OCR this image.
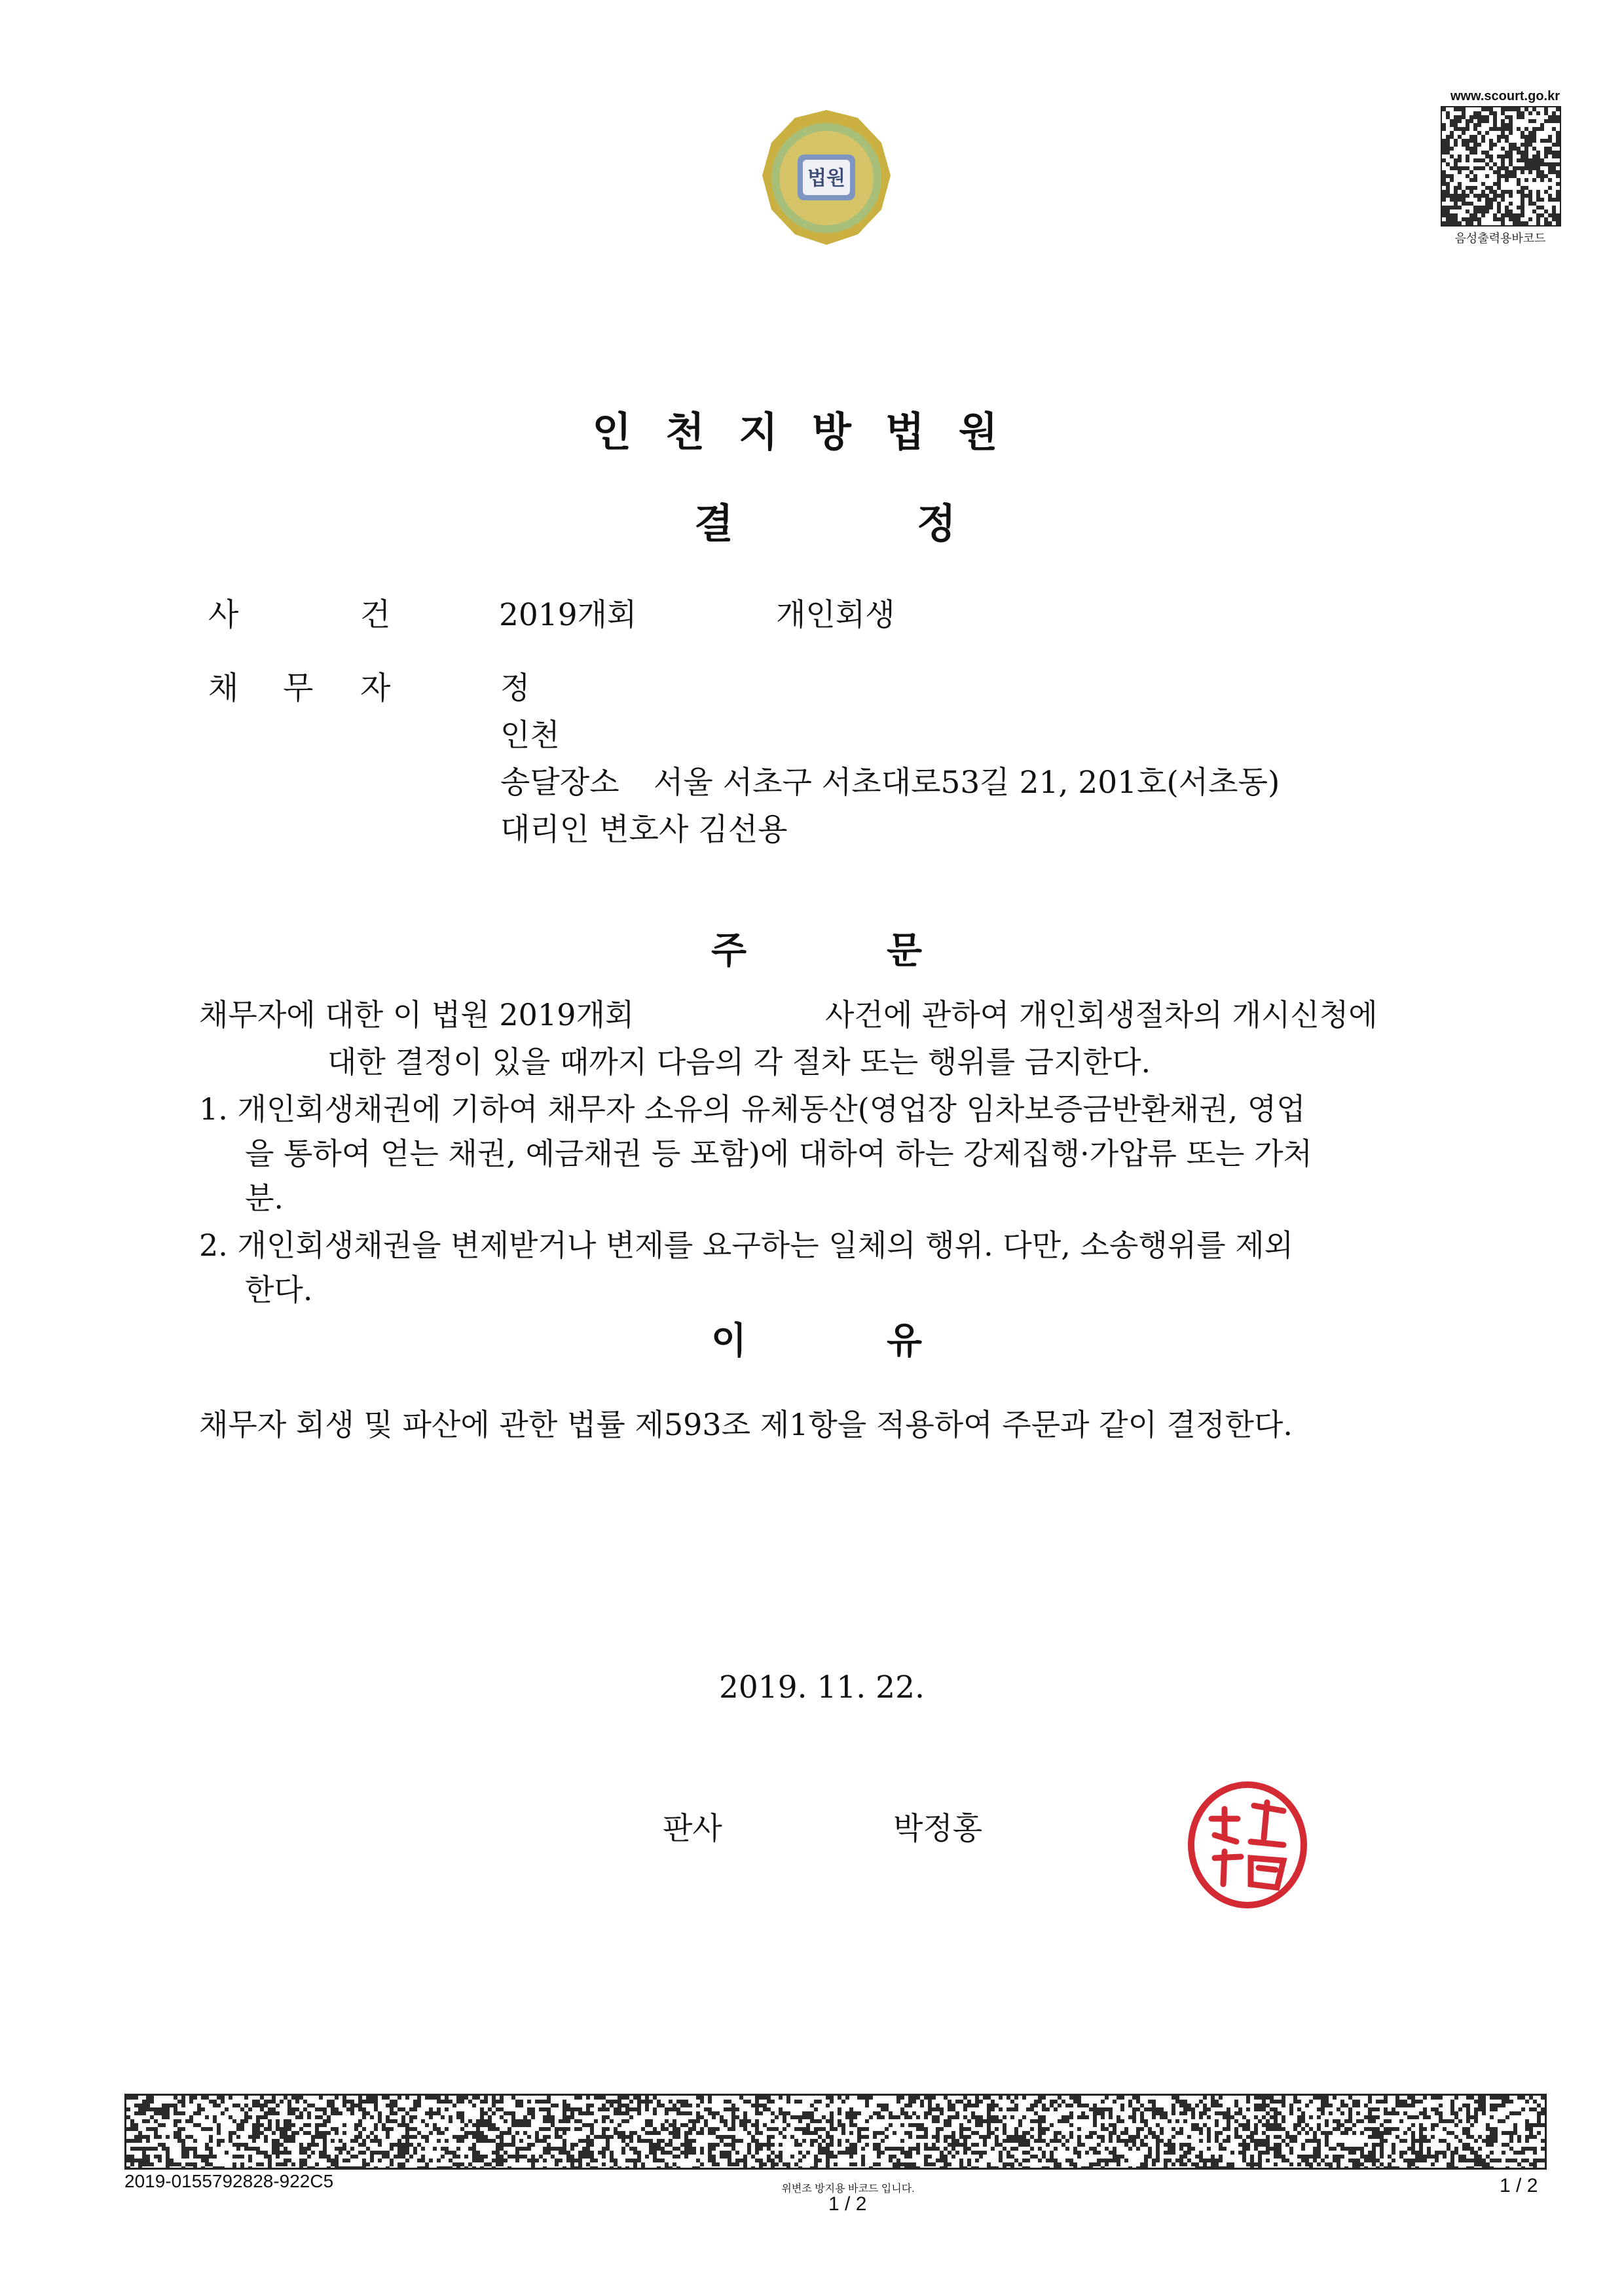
법원
www.scourt.go.kr
음성출력용바코드
인천지방법원
결	정
사	건	2019개회	개인회생
채 무 자	정
인천
송달장소 서울 서초구 서초대로53길 21, 201호(서초동)
대리인 변호사 김선용
주	문
채무자에 대한 이 법원 2019개회	사건에 관하여 개인회생절차의 개시신청에
대한 결정이 있을 때까지 다음의 각 절차 또는 행위를 금지한다.
1. 개인회생채권에 기하여 채무자 소유의 유체동산(영업장 임차보증금반환채권, 영업
을 통하여 얻는 채권, 예금채권 등 포함)에 대하여 하는 강제집행·가압류 또는 가처
분.
2. 개인회생채권을 변제받거나 변제를 요구하는 일체의 행위. 다만, 소송행위를 제외
한다.
이	유
채무자 회생 및 파산에 관한 법률 제593조 제1항을 적용하여 주문과 같이 결정한다.
2019. 11. 22.
판사	박정홍
2019-0155792828-922C5	위변조 방지용 바코드 입니다.
1 / 2
1 / 2
